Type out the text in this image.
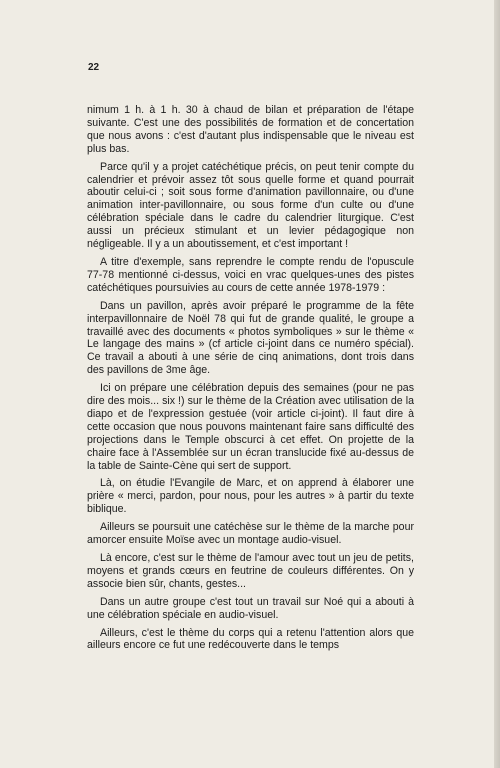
22

nimum 1 h. à 1 h. 30 à chaud de bilan et préparation de l'étape suivante. C'est une des possibilités de formation et de concertation que nous avons : c'est d'autant plus indispensable que le niveau est plus bas.

Parce qu'il y a projet catéchétique précis, on peut tenir compte du calendrier et prévoir assez tôt sous quelle forme et quand pourrait aboutir celui-ci ; soit sous forme d'animation pavillonnaire, ou d'une animation inter-pavillonnaire, ou sous forme d'un culte ou d'une célébration spéciale dans le cadre du calendrier liturgique. C'est aussi un précieux stimulant et un levier pédagogique non négligeable. Il y a un aboutissement, et c'est important !

A titre d'exemple, sans reprendre le compte rendu de l'opuscule 77-78 mentionné ci-dessus, voici en vrac quelques-unes des pistes catéchétiques poursuivies au cours de cette année 1978-1979 :

Dans un pavillon, après avoir préparé le programme de la fête interpavillonnaire de Noël 78 qui fut de grande qualité, le groupe a travaillé avec des documents « photos symboliques » sur le thème « Le langage des mains » (cf article ci-joint dans ce numéro spécial). Ce travail a abouti à une série de cinq animations, dont trois dans des pavillons de 3me âge.

Ici on prépare une célébration depuis des semaines (pour ne pas dire des mois... six !) sur le thème de la Création avec utilisation de la diapo et de l'expression gestuée (voir article ci-joint). Il faut dire à cette occasion que nous pouvons maintenant faire sans difficulté des projections dans le Temple obscurci à cet effet. On projette de la chaire face à l'Assemblée sur un écran translucide fixé au-dessus de la table de Sainte-Cène qui sert de support.

Là, on étudie l'Evangile de Marc, et on apprend à élaborer une prière « merci, pardon, pour nous, pour les autres » à partir du texte biblique.

Ailleurs se poursuit une catéchèse sur le thème de la marche pour amorcer ensuite Moïse avec un montage audio-visuel.

Là encore, c'est sur le thème de l'amour avec tout un jeu de petits, moyens et grands cœurs en feutrine de couleurs différentes. On y associe bien sûr, chants, gestes...

Dans un autre groupe c'est tout un travail sur Noé qui a abouti à une célébration spéciale en audio-visuel.

Ailleurs, c'est le thème du corps qui a retenu l'attention alors que ailleurs encore ce fut une redécouverte dans le temps
